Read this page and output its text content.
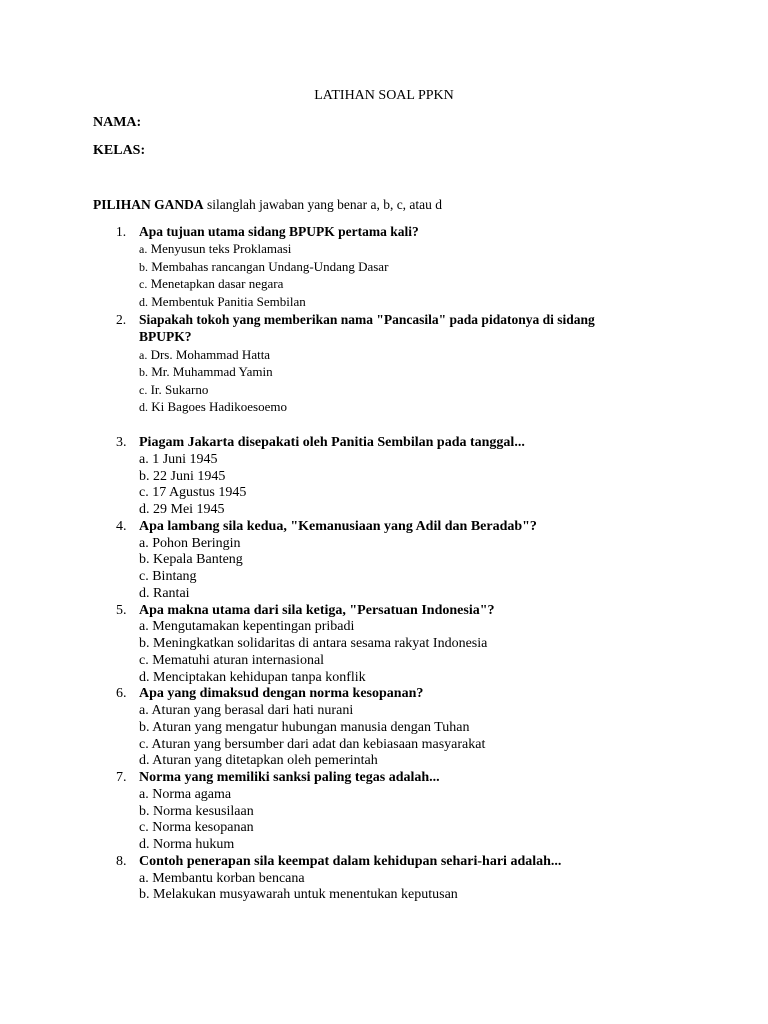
LATIHAN SOAL PPKN
NAMA:
KELAS:
PILIHAN GANDA silanglah jawaban yang benar a, b, c, atau d
1. Apa tujuan utama sidang BPUPK pertama kali?
a. Menyusun teks Proklamasi
b. Membahas rancangan Undang-Undang Dasar
c. Menetapkan dasar negara
d. Membentuk Panitia Sembilan
2. Siapakah tokoh yang memberikan nama "Pancasila" pada pidatonya di sidang
BPUPK?
a. Drs. Mohammad Hatta
b. Mr. Muhammad Yamin
c. Ir. Sukarno
d. Ki Bagoes Hadikoesoemo
3. Piagam Jakarta disepakati oleh Panitia Sembilan pada tanggal...
a. 1 Juni 1945
b. 22 Juni 1945
c. 17 Agustus 1945
d. 29 Mei 1945
4. Apa lambang sila kedua, "Kemanusiaan yang Adil dan Beradab"?
a. Pohon Beringin
b. Kepala Banteng
c. Bintang
d. Rantai
5. Apa makna utama dari sila ketiga, "Persatuan Indonesia"?
a. Mengutamakan kepentingan pribadi
b. Meningkatkan solidaritas di antara sesama rakyat Indonesia
c. Mematuhi aturan internasional
d. Menciptakan kehidupan tanpa konflik
6. Apa yang dimaksud dengan norma kesopanan?
a. Aturan yang berasal dari hati nurani
b. Aturan yang mengatur hubungan manusia dengan Tuhan
c. Aturan yang bersumber dari adat dan kebiasaan masyarakat
d. Aturan yang ditetapkan oleh pemerintah
7. Norma yang memiliki sanksi paling tegas adalah...
a. Norma agama
b. Norma kesusilaan
c. Norma kesopanan
d. Norma hukum
8. Contoh penerapan sila keempat dalam kehidupan sehari-hari adalah...
a. Membantu korban bencana
b. Melakukan musyawarah untuk menentukan keputusan
